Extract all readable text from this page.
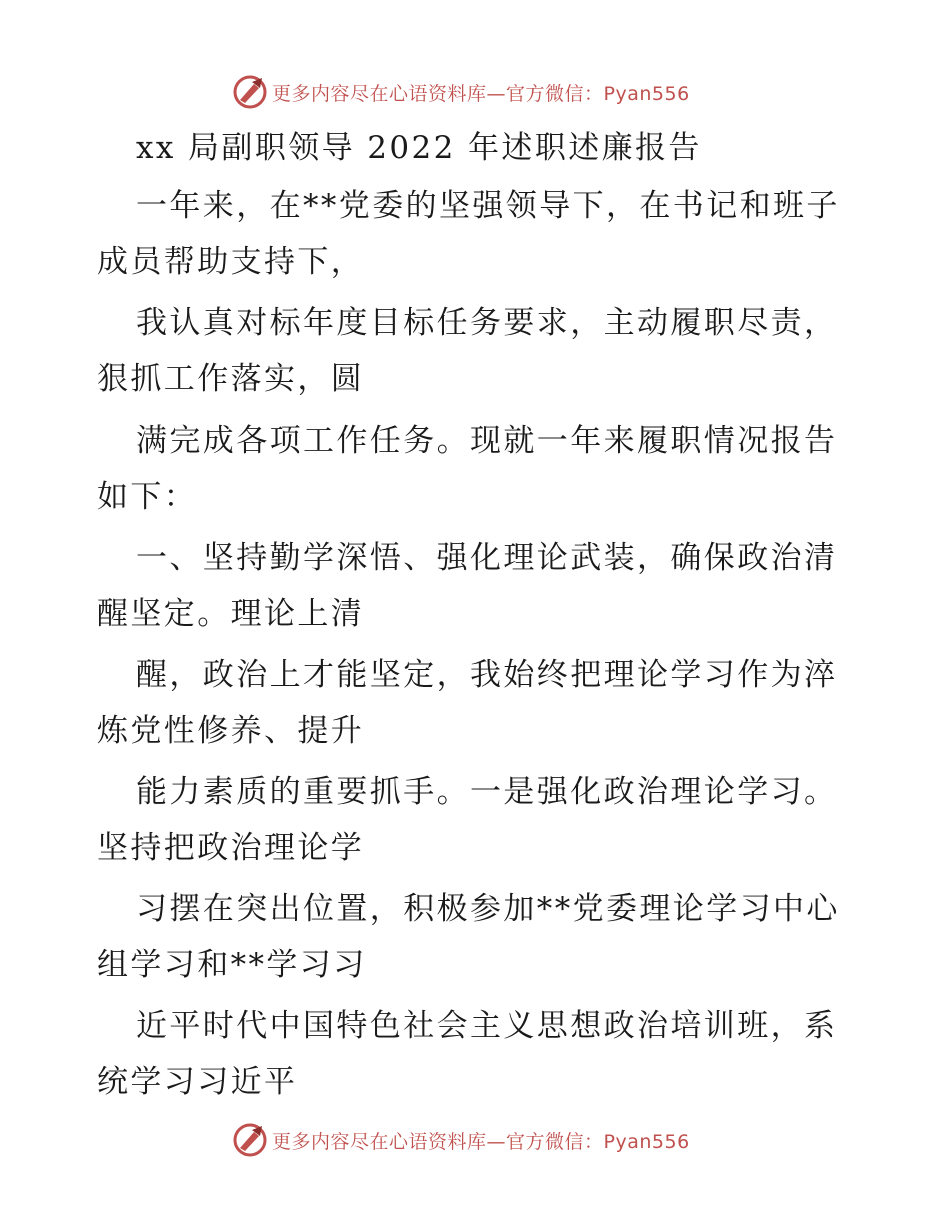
更多内容尽在心语资料库—官方微信：Pyan556
xx 局副职领导 2022 年述职述廉报告
一年来，在**党委的坚强领导下，在书记和班子
成员帮助支持下，
我认真对标年度目标任务要求，主动履职尽责，
狠抓工作落实，圆
满完成各项工作任务。现就一年来履职情况报告
如下：
一、坚持勤学深悟、强化理论武装，确保政治清
醒坚定。理论上清
醒，政治上才能坚定，我始终把理论学习作为淬
炼党性修养、提升
能力素质的重要抓手。一是强化政治理论学习。
坚持把政治理论学
习摆在突出位置，积极参加**党委理论学习中心
组学习和**学习习
近平时代中国特色社会主义思想政治培训班，系
统学习习近平
更多内容尽在心语资料库—官方微信：Pyan556
